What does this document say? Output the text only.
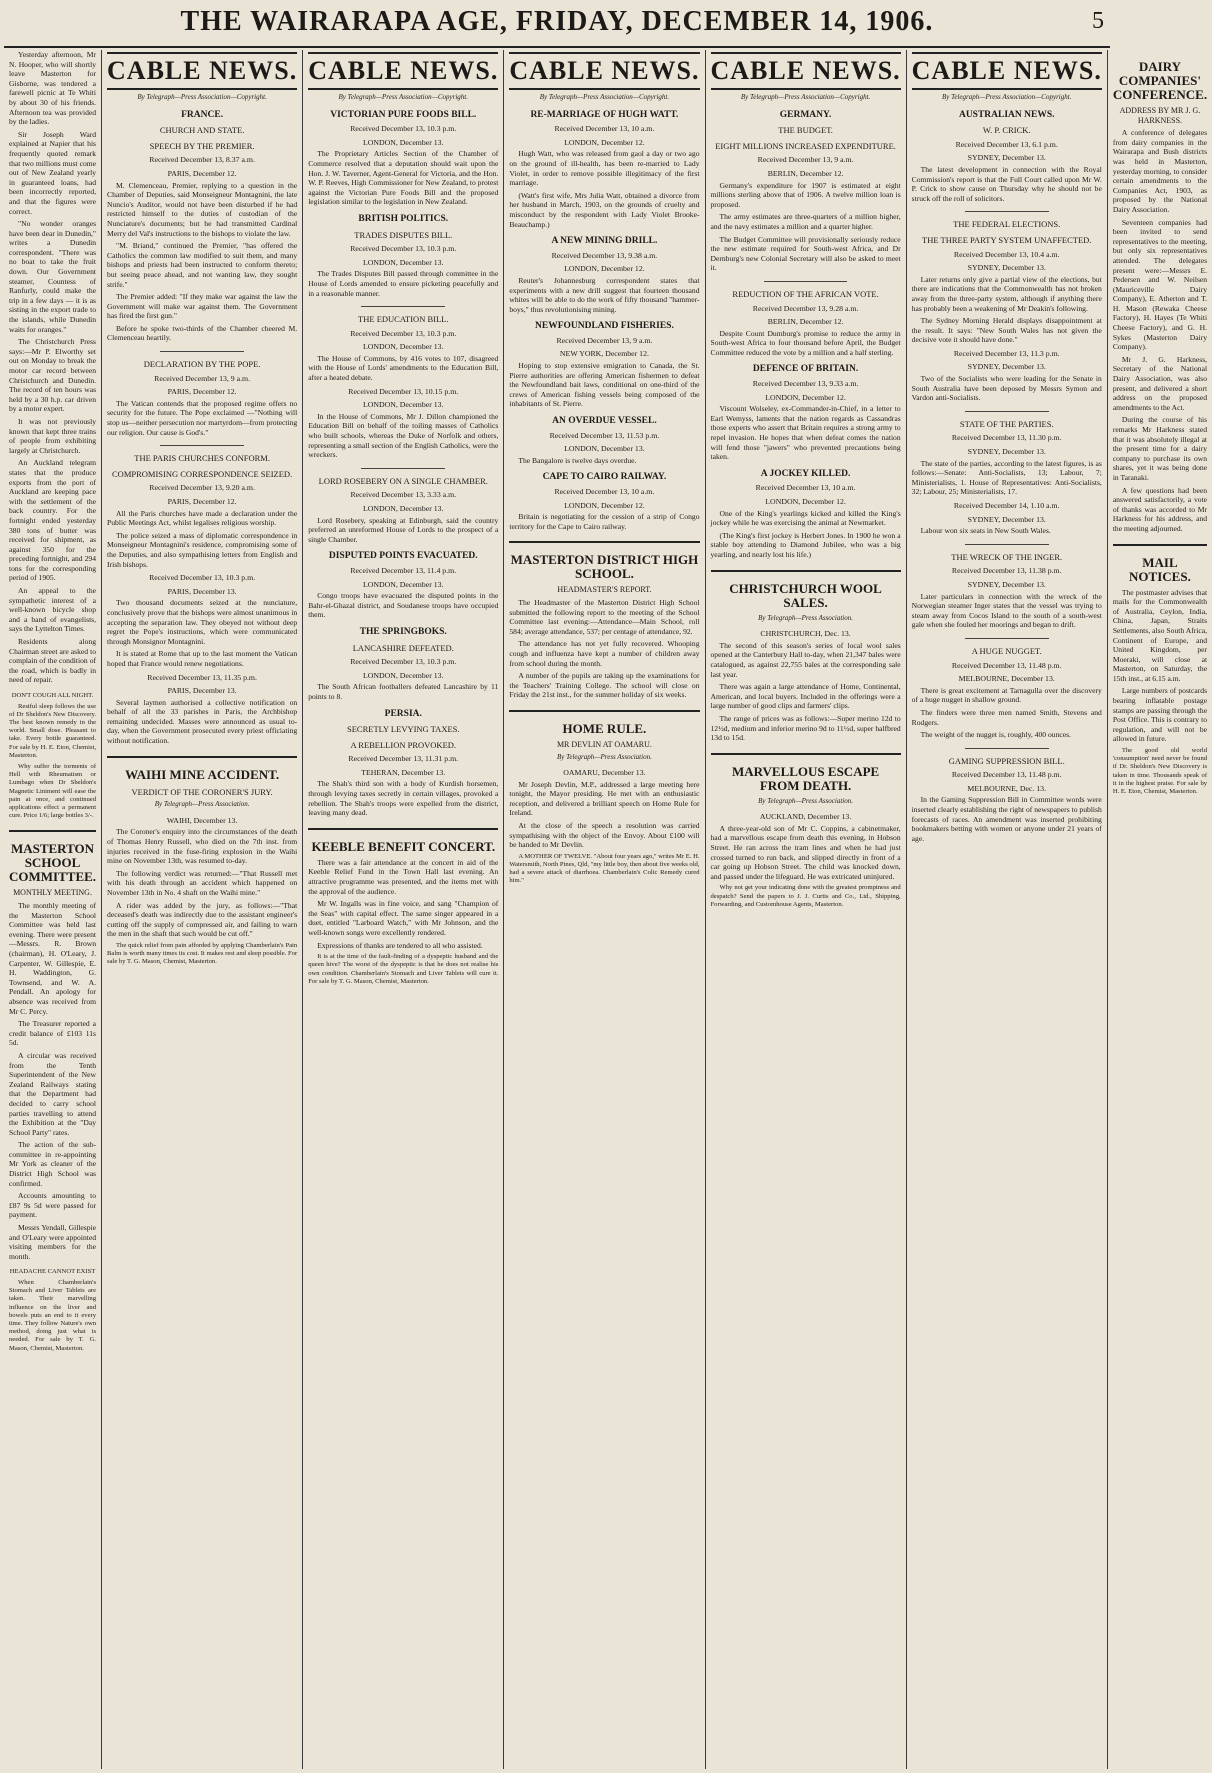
THE WAIRARAPA AGE, FRIDAY, DECEMBER 14, 1906.	5

Yesterday afternoon, Mr N. Hooper, who will shortly leave Masterton for Gisborne, was tendered a farewell picnic at Te Whiti by about 30 of his friends. Afternoon tea was provided by the ladies.

Sir Joseph Ward explained at Napier that his frequently quoted remark that two millions must come out of New Zealand yearly in guaranteed loans, had been incorrectly reported, and that the figures were correct.

"No wonder oranges have been dear in Dunedin," writes a Dunedin correspondent. "There was no boat to take the fruit down. Our Government steamer, Countess of Ranfurly, could make the trip in a few days — it is as sisting in the export trade to the islands, while Dunedin waits for oranges."

The Christchurch Press says:—Mr P. Elworthy set out on Monday to break the motor car record between Christchurch and Dunedin. The record of ten hours was held by a 30 h.p. car driven by a motor expert.

It was not previously known that kept three trains of people from exhibiting largely at Christchurch.

An Auckland telegram states that the produce exports from the port of Auckland are keeping pace with the settlement of the back country. For the fortnight ended yesterday 380 tons of butter was received for shipment, as against 350 for the preceding fortnight, and 294 tons for the corresponding period of 1905.

An appeal to the sympathetic interest of a well-known bicycle shop and a band of evangelists, says the Lyttelton Times.

Residents along Chairman street are asked to complain of the condition of the road, which is badly in need of repair.

DON'T COUGH ALL NIGHT.

Restful sleep follows the use of Dr Sheldon's New Discovery. The best known remedy in the world. Small dose. Pleasant to take. Every bottle guaranteed. For sale by H. E. Eton, Chemist, Masterton.

Why suffer the torments of Hell with Rheumatism or Lumbago when Dr Sheldon's Magnetic Liniment will ease the pain at once, and continued applications effect a permanent cure. Price 1/6; large bottles 3/-.

MASTERTON SCHOOL COMMITTEE.
MONTHLY MEETING.

The monthly meeting of the Masterton School Committee was held last evening. There were present—Messrs. R. Brown (chairman), H. O'Leary, J. Carpenter, W. Gillespie, E. H. Waddington, G. Townsend, and W. A. Pendall. An apology for absence was received from Mr C. Percy.

The Treasurer reported a credit balance of £103 11s 5d.

A circular was received from the Tenth Superintendent of the New Zealand Railways stating that the Department had decided to carry school parties travelling to attend the Exhibition at the "Day School Party" rates.

The action of the sub-committee in re-appointing Mr York as cleaner of the District High School was confirmed.

Accounts amounting to £87 9s 5d were passed for payment.

Messrs Yendall, Gillespie and O'Leary were appointed visiting members for the month.

HEADACHE CANNOT EXIST

When Chamberlain's Stomach and Liver Tablets are taken. Their marvelling influence on the liver and bowels puts an end to it every time. They follow Nature's own method, doing just what is needed. For sale by T. G. Mason, Chemist, Masterton.

CABLE NEWS.
By Telegraph—Press Association—Copyright.
FRANCE.
CHURCH AND STATE.
SPEECH BY THE PREMIER.
Received December 13, 8.37 a.m.
PARIS, December 12.

M. Clemenceau, Premier, replying to a question in the Chamber of Deputies, said Monseigneur Montagnini, the late Nuncio's Auditor, would not have been disturbed if he had restricted himself to the duties of custodian of the Nunciature's documents; but he had transmitted Cardinal Merry del Val's instructions to the bishops to violate the law.

"M. Briand," continued the Premier, "has offered the Catholics the common law modified to suit them, and many bishops and priests had been instructed to conform thereto; but seeing peace ahead, and not wanting law, they sought strife."

The Premier added: "If they make war against the law the Government will make war against them. The Government has fired the first gun."

Before he spoke two-thirds of the Chamber cheered M. Clemenceau heartily.

DECLARATION BY THE POPE.
Received December 13, 9 a.m.
PARIS, December 12.

The Vatican contends that the proposed regime offers no security for the future. The Pope exclaimed —"Nothing will stop us—neither persecution nor martyrdom—from protecting our religion. Our cause is God's."

THE PARIS CHURCHES CONFORM.
COMPROMISING CORRESPONDENCE SEIZED.
Received December 13, 9.20 a.m.
PARIS, December 12.

All the Paris churches have made a declaration under the Public Meetings Act, whilst legalises religious worship.

The police seized a mass of diplomatic correspondence in Monseigneur Montagnini's residence, compromising some of the Deputies, and also sympathising letters from English and Irish bishops.

Received December 13, 10.3 p.m.
PARIS, December 13.

Two thousand documents seized at the nunciature, conclusively prove that the bishops were almost unanimous in accepting the separation law. They obeyed not without deep regret the Pope's instructions, which were communicated through Monsignor Montagnini.

It is stated at Rome that up to the last moment the Vatican hoped that France would renew negotiations.

Received December 13, 11.35 p.m.
PARIS, December 13.

Several laymen authorised a collective notification on behalf of all the 33 parishes in Paris, the Archbishop remaining undecided. Masses were announced as usual to-day, when the Government prosecuted every priest officiating without notification.

WAIHI MINE ACCIDENT.
VERDICT OF THE CORONER'S JURY.
By Telegraph—Press Association.
WAIHI, December 13.

The Coroner's enquiry into the circumstances of the death of Thomas Henry Russell, who died on the 7th inst. from injuries received in the fuse-firing explosion in the Waihi mine on November 13th, was resumed to-day.

The following verdict was returned:—"That Russell met with his death through an accident which happened on November 13th in No. 4 shaft on the Waihi mine."

A rider was added by the jury, as follows:—"That deceased's death was indirectly due to the assistant engineer's cutting off the supply of compressed air, and failing to warn the men in the shaft that such would be cut off."

The quick relief from pain afforded by applying Chamberlain's Pain Balm is worth many times its cost. It makes rest and sleep possible. For sale by T. G. Mason, Chemist, Masterton.

CABLE NEWS.
By Telegraph—Press Association—Copyright.
VICTORIAN PURE FOODS BILL.
Received December 13, 10.3 p.m.
LONDON, December 13.

The Proprietary Articles Section of the Chamber of Commerce resolved that a deputation should wait upon the Hon. J. W. Taverner, Agent-General for Victoria, and the Hon. W. P. Reeves, High Commissioner for New Zealand, to protest against the Victorian Pure Foods Bill and the proposed legislation similar to the legislation in New Zealand.

BRITISH POLITICS.
TRADES DISPUTES BILL.
Received December 13, 10.3 p.m.
LONDON, December 13.

The Trades Disputes Bill passed through committee in the House of Lords amended to ensure picketing peacefully and in a reasonable manner.

THE EDUCATION BILL.
Received December 13, 10.3 p.m.
LONDON, December 13.

The House of Commons, by 416 votes to 107, disagreed with the House of Lords' amendments to the Education Bill, after a heated debate.

Received December 13, 10.15 p.m.
LONDON, December 13.

In the House of Commons, Mr J. Dillon championed the Education Bill on behalf of the toiling masses of Catholics who built schools, whereas the Duke of Norfolk and others, representing a small section of the English Catholics, were the wreckers.

LORD ROSEBERY ON A SINGLE CHAMBER.
Received December 13, 3.33 a.m.
LONDON, December 13.

Lord Rosebery, speaking at Edinburgh, said the country preferred an unreformed House of Lords to the prospect of a single Chamber.

DISPUTED POINTS EVACUATED.
Received December 13, 11.4 p.m.
LONDON, December 13.

Congo troops have evacuated the disputed points in the Bahr-el-Ghazal district, and Soudanese troops have occupied them.

THE SPRINGBOKS.
LANCASHIRE DEFEATED.
Received December 13, 10.3 p.m.
LONDON, December 13.

The South African footballers defeated Lancashire by 11 points to 8.

PERSIA.
SECRETLY LEVYING TAXES.
A REBELLION PROVOKED.
Received December 13, 11.31 p.m.
TEHERAN, December 13.

The Shah's third son with a body of Kurdish horsemen, through levying taxes secretly in certain villages, provoked a rebellion. The Shah's troops were expelled from the district, leaving many dead.

KEEBLE BENEFIT CONCERT.

There was a fair attendance at the concert in aid of the Keeble Relief Fund in the Town Hall last evening. An attractive programme was presented, and the items met with the approval of the audience.

Mr W. Ingalls was in fine voice, and sang "Champion of the Seas" with capital effect. The same singer appeared in a duet, entitled "Larboard Watch," with Mr Johnson, and the well-known songs were excellently rendered.

Expressions of thanks are tendered to all who assisted.

It is at the time of the fault-finding of a dyspeptic husband and the queen hive? The worst of the dyspeptic is that he does not realise his own condition. Chamberlain's Stomach and Liver Tablets will cure it. For sale by T. G. Mason, Chemist, Masterton.

CABLE NEWS.
By Telegraph—Press Association—Copyright.
RE-MARRIAGE OF HUGH WATT.
Received December 13, 10 a.m.
LONDON, December 12.

Hugh Watt, who was released from gaol a day or two ago on the ground of ill-health, has been re-married to Lady Violet, in order to remove possible illegitimacy of the first marriage.

(Watt's first wife, Mrs Julia Watt, obtained a divorce from her husband in March, 1903, on the grounds of cruelty and misconduct by the respondent with Lady Violet Brooke-Beauchamp.)

A NEW MINING DRILL.
Received December 13, 9.38 a.m.
LONDON, December 12.

Reuter's Johannesburg correspondent states that experiments with a new drill suggest that fourteen thousand whites will be able to do the work of fifty thousand "hammer-boys," thus revolutionising mining.

NEWFOUNDLAND FISHERIES.
Received December 13, 9 a.m.
NEW YORK, December 12.

Hoping to stop extensive emigration to Canada, the St. Pierre authorities are offering American fishermen to defeat the Newfoundland bait laws, conditional on one-third of the crews of American fishing vessels being composed of the inhabitants of St. Pierre.

AN OVERDUE VESSEL.
Received December 13, 11.53 p.m.
LONDON, December 13.

The Bangalore is twelve days overdue.

CAPE TO CAIRO RAILWAY.
Received December 13, 10 a.m.
LONDON, December 12.

Britain is negotiating for the cession of a strip of Congo territory for the Cape to Cairo railway.

MASTERTON DISTRICT HIGH SCHOOL.
HEADMASTER'S REPORT.

The Headmaster of the Masterton District High School submitted the following report to the meeting of the School Committee last evening:—Attendance—Main School, roll 584; average attendance, 537; per centage of attendance, 92.

The attendance has not yet fully recovered. Whooping cough and influenza have kept a number of children away from school during the month.

A number of the pupils are taking up the examinations for the Teachers' Training College. The school will close on Friday the 21st inst., for the summer holiday of six weeks.

HOME RULE.
MR DEVLIN AT OAMARU.
By Telegraph—Press Association.
OAMARU, December 13.

Mr Joseph Devlin, M.P., addressed a large meeting here tonight, the Mayor presiding. He met with an enthusiastic reception, and delivered a brilliant speech on Home Rule for Ireland.

At the close of the speech a resolution was carried sympathising with the object of the Envoy. About £100 will be handed to Mr Devlin.

A MOTHER OF TWELVE. "About four years ago," writes Mr E. H. Watersmith, North Pines, Qld, "my little boy, then about five weeks old, had a severe attack of diarrhoea. Chamberlain's Colic Remedy cured him."

CABLE NEWS.
By Telegraph—Press Association—Copyright.
GERMANY.
THE BUDGET.
EIGHT MILLIONS INCREASED EXPENDITURE.
Received December 13, 9 a.m.
BERLIN, December 12.

Germany's expenditure for 1907 is estimated at eight millions sterling above that of 1906. A twelve million loan is proposed.

The army estimates are three-quarters of a million higher, and the navy estimates a million and a quarter higher.

The Budget Committee will provisionally seriously reduce the new estimate required for South-west Africa, and Dr Dernburg's new Colonial Secretary will also be asked to meet it.

REDUCTION OF THE AFRICAN VOTE.
Received December 13, 9.28 a.m.
BERLIN, December 12.

Despite Count Dumburg's promise to reduce the army in South-west Africa to four thousand before April, the Budget Committee reduced the vote by a million and a half sterling.

DEFENCE OF BRITAIN.
Received December 13, 9.33 a.m.
LONDON, December 12.

Viscount Wolseley, ex-Commander-in-Chief, in a letter to Earl Wemyss, laments that the nation regards as Cassandras those experts who assert that Britain requires a strong army to repel invasion. He hopes that when defeat comes the nation will fend those "jawers" who prevented precautions being taken.

A JOCKEY KILLED.
Received December 13, 10 a.m.
LONDON, December 12.

One of the King's yearlings kicked and killed the King's jockey while he was exercising the animal at Newmarket.

(The King's first jockey is Herbert Jones. In 1900 he won a stable boy attending to Diamond Jubilee, who was a big yearling, and nearly lost his life.)

CHRISTCHURCH WOOL SALES.
By Telegraph—Press Association.
CHRISTCHURCH, Dec. 13.

The second of this season's series of local wool sales opened at the Canterbury Hall to-day, when 21,347 bales were catalogued, as against 22,755 bales at the corresponding sale last year.

There was again a large attendance of Home, Continental, American, and local buyers. Included in the offerings were a large number of good clips and farmers' clips.

The range of prices was as follows:—Super merino 12d to 12½d, medium and inferior merino 9d to 11½d, super halfbred 13d to 15d.

MARVELLOUS ESCAPE FROM DEATH.
By Telegraph—Press Association.
AUCKLAND, December 13.

A three-year-old son of Mr C. Coppins, a cabinetmaker, had a marvellous escape from death this evening, in Hobson Street. He ran across the tram lines and when he had just crossed turned to run back, and slipped directly in front of a car going up Hobson Street. The child was knocked down, and passed under the lifeguard. He was extricated uninjured.

Why not get your indicating done with the greatest promptness and despatch? Send the papers to J. J. Curtis and Co., Ltd., Shipping, Forwarding, and Customhouse Agents, Masterton.

CABLE NEWS.
By Telegraph—Press Association—Copyright.
AUSTRALIAN NEWS.
W. P. CRICK.
Received December 13, 6.1 p.m.
SYDNEY, December 13.

The latest development in connection with the Royal Commission's report is that the Full Court called upon Mr W. P. Crick to show cause on Thursday why he should not be struck off the roll of solicitors.

THE FEDERAL ELECTIONS.
THE THREE PARTY SYSTEM UNAFFECTED.
Received December 13, 10.4 a.m.
SYDNEY, December 13.

Later returns only give a partial view of the elections, but there are indications that the Commonwealth has not broken away from the three-party system, although if anything there has probably been a weakening of Mr Deakin's following.

The Sydney Morning Herald displays disappointment at the result. It says: "New South Wales has not given the decisive vote it should have done."

Received December 13, 11.3 p.m.
SYDNEY, December 13.

Two of the Socialists who were leading for the Senate in South Australia have been deposed by Messrs Symon and Vardon anti-Socialists.

STATE OF THE PARTIES.
Received December 13, 11.30 p.m.
SYDNEY, December 13.

The state of the parties, according to the latest figures, is as follows:—Senate: Anti-Socialists, 13; Labour, 7; Ministerialists, 1. House of Representatives: Anti-Socialists, 32; Labour, 25; Ministerialists, 17.

Received December 14, 1.10 a.m.
SYDNEY, December 13.

Labour won six seats in New South Wales.

THE WRECK OF THE INGER.
Received December 13, 11.38 p.m.
SYDNEY, December 13.

Later particulars in connection with the wreck of the Norwegian steamer Inger states that the vessel was trying to steam away from Cocos Island to the south of a south-west gale when she fouled her moorings and began to drift.

A HUGE NUGGET.
Received December 13, 11.48 p.m.
MELBOURNE, December 13.

There is great excitement at Tarnagulla over the discovery of a huge nugget in shallow ground.

The finders were three men named Smith, Stevens and Rodgers.

The weight of the nugget is, roughly, 400 ounces.

GAMING SUPPRESSION BILL.
Received December 13, 11.48 p.m.
MELBOURNE, Dec. 13.

In the Gaming Suppression Bill in Committee words were inserted clearly establishing the right of newspapers to publish forecasts of races. An amendment was inserted prohibiting bookmakers betting with women or anyone under 21 years of age.

DAIRY COMPANIES' CONFERENCE.
ADDRESS BY MR J. G. HARKNESS.

A conference of delegates from dairy companies in the Wairarapa and Bush districts was held in Masterton, yesterday morning, to consider certain amendments to the Companies Act, 1903, as proposed by the National Dairy Association.

Seventeen companies had been invited to send representatives to the meeting, but only six representatives attended. The delegates present were:—Messrs E. Pedersen and W. Neilsen (Mauriceville Dairy Company), E. Atherton and T. H. Mason (Rewaka Cheese Factory), H. Hayes (Te Whiti Cheese Factory), and G. H. Sykes (Masterton Dairy Company).

Mr J. G. Harkness, Secretary of the National Dairy Association, was also present, and delivered a short address on the proposed amendments to the Act.

During the course of his remarks Mr Harkness stated that it was absolutely illegal at the present time for a dairy company to purchase its own shares, yet it was being done in Taranaki.

A few questions had been answered satisfactorily, a vote of thanks was accorded to Mr Harkness for his address, and the meeting adjourned.

MAIL NOTICES.

The postmaster advises that mails for the Commonwealth of Australia, Ceylon, India, China, Japan, Straits Settlements, also South Africa, Continent of Europe, and United Kingdom, per Moeraki, will close at Masterton, on Saturday, the 15th inst., at 6.15 a.m.

Large numbers of postcards bearing inflatable postage stamps are passing through the Post Office. This is contrary to regulation, and will not be allowed in future.

The good old world 'consumption' need never be found if Dr. Sheldon's New Discovery is taken in time. Thousands speak of it in the highest praise. For sale by H. E. Eton, Chemist, Masterton.
